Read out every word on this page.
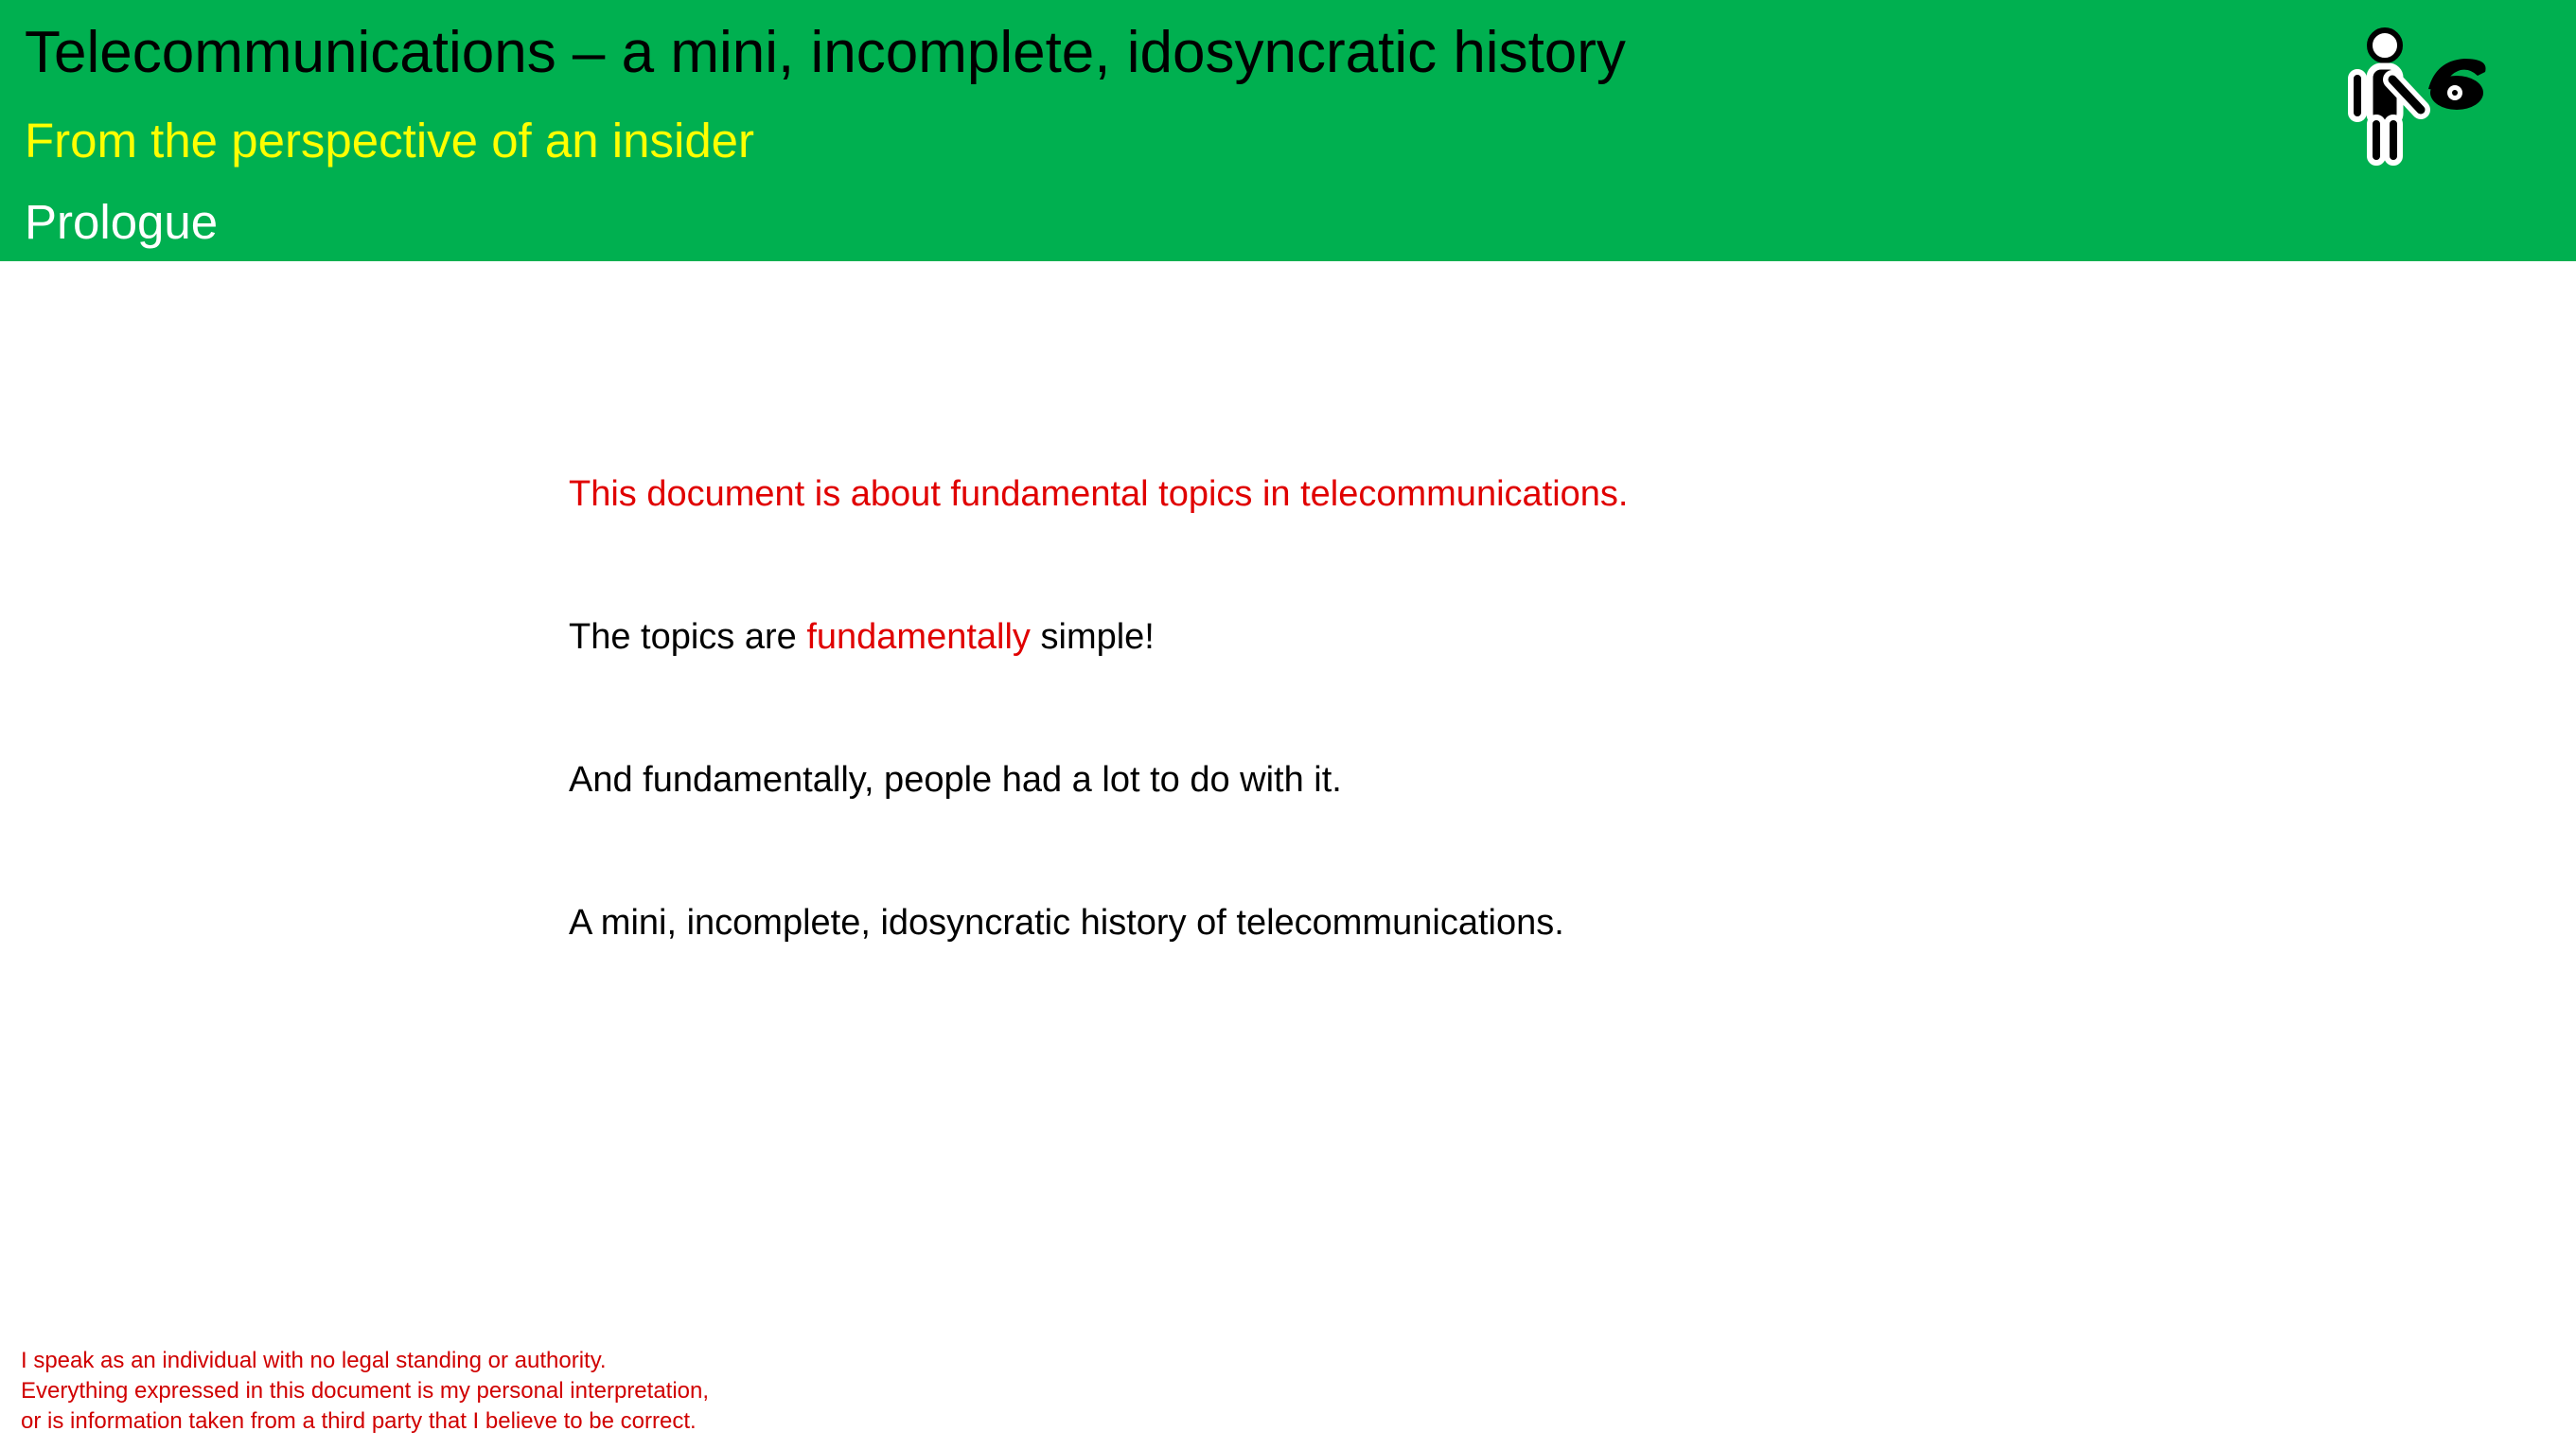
Telecommunications – a mini, incomplete, idosyncratic history
From the perspective of an insider
Prologue
This document is about fundamental topics in telecommunications.
The topics are fundamentally simple!
And fundamentally, people had a lot to do with it.
A mini, incomplete, idosyncratic history of telecommunications.
I speak as an individual with no legal standing or authority.
Everything expressed in this document is my personal interpretation,
or is information taken from a third party that I believe to be correct.
